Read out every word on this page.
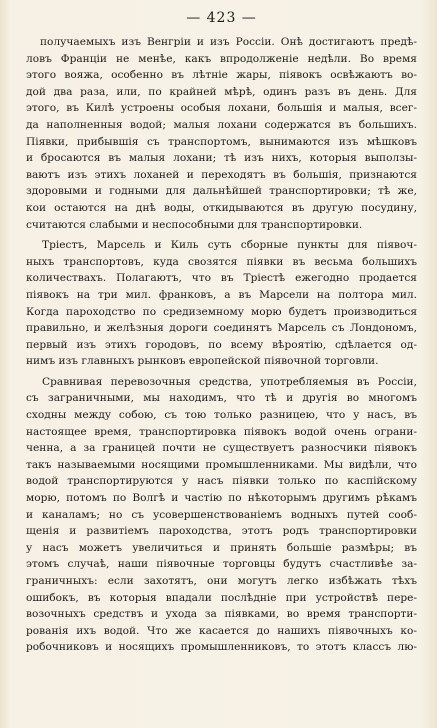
— 423 —
получаемыхъ изъ Венгріи и изъ Россіи. Онѣ достигаютъ предѣ-
ловъ Франціи не менѣе, какъ впродолженіе недѣли. Во время
этого вояжа, особенно въ лѣтніе жары, піявокъ освѣжаютъ во-
дой два раза, или, по крайней мѣрѣ, одинъ разъ въ день. Для
этого, въ Килѣ устроены особыя лохани, большія и малыя, всег-
да наполненныя водой; малыя лохани содержатся въ большихъ.
Піявки, прибывшія съ транспортомъ, вынимаются изъ мѣшковъ
и бросаются въ малыя лохани; тѣ изъ нихъ, которыя выползы-
ваютъ изъ этихъ лоханей и переходятъ въ большія, признаются
здоровыми и годными для дальнѣйшей транспортировки; тѣ же,
кои остаются на днѣ воды, откидываются въ другую посудину,
считаются слабыми и неспособными для транспортировки.
Тріестъ, Марсель и Киль суть сборные пункты для піявоч-
ныхъ транспортовъ, куда свозятся піявки въ весьма большихъ
количествахъ. Полагаютъ, что въ Тріестѣ ежегодно продается
піявокъ на три мил. франковъ, а въ Марсели на полтора мил.
Когда пароходство по средиземному морю будетъ производиться
правильно, и желѣзныя дороги соединятъ Марсель съ Лондономъ,
первый изъ этихъ городовъ, по всему вѣроятію, сдѣлается од-
нимъ изъ главныхъ рынковъ европейской піявочной торговли.
Сравнивая перевозочныя средства, употребляемыя въ Россіи,
съ заграничными, мы находимъ, что тѣ и другія во многомъ
сходны между собою, съ тою только разницею, что у насъ, въ
настоящее время, транспортировка піявокъ водой очень ограни-
ченна, а за границей почти не существуетъ разносчики піявокъ
такъ называемыми носящими промышленниками. Мы видѣли, что
водой транспортируются у насъ піявки только по каспійскому
морю, потомъ по Волгѣ и частію по нѣкоторымъ другимъ рѣкамъ
и каналамъ; но съ усовершенствованіемъ водныхъ путей сооб-
щенія и развитіемъ пароходства, этотъ родъ транспортировки
у насъ можетъ увеличиться и принять большіе размѣры; въ
этомъ случаѣ, наши піявочные торговцы будутъ счастливѣе за-
граничныхъ: если захотятъ, они могутъ легко избѣжать тѣхъ
ошибокъ, въ которыя впадали послѣдніе при устройствѣ пере-
возочныхъ средствъ и ухода за піявками, во время транспорти-
рованія ихъ водой. Что же касается до нашихъ піявочныхъ ко-
робочниковъ и носящихъ промышленниковъ, то этотъ классъ лю-
